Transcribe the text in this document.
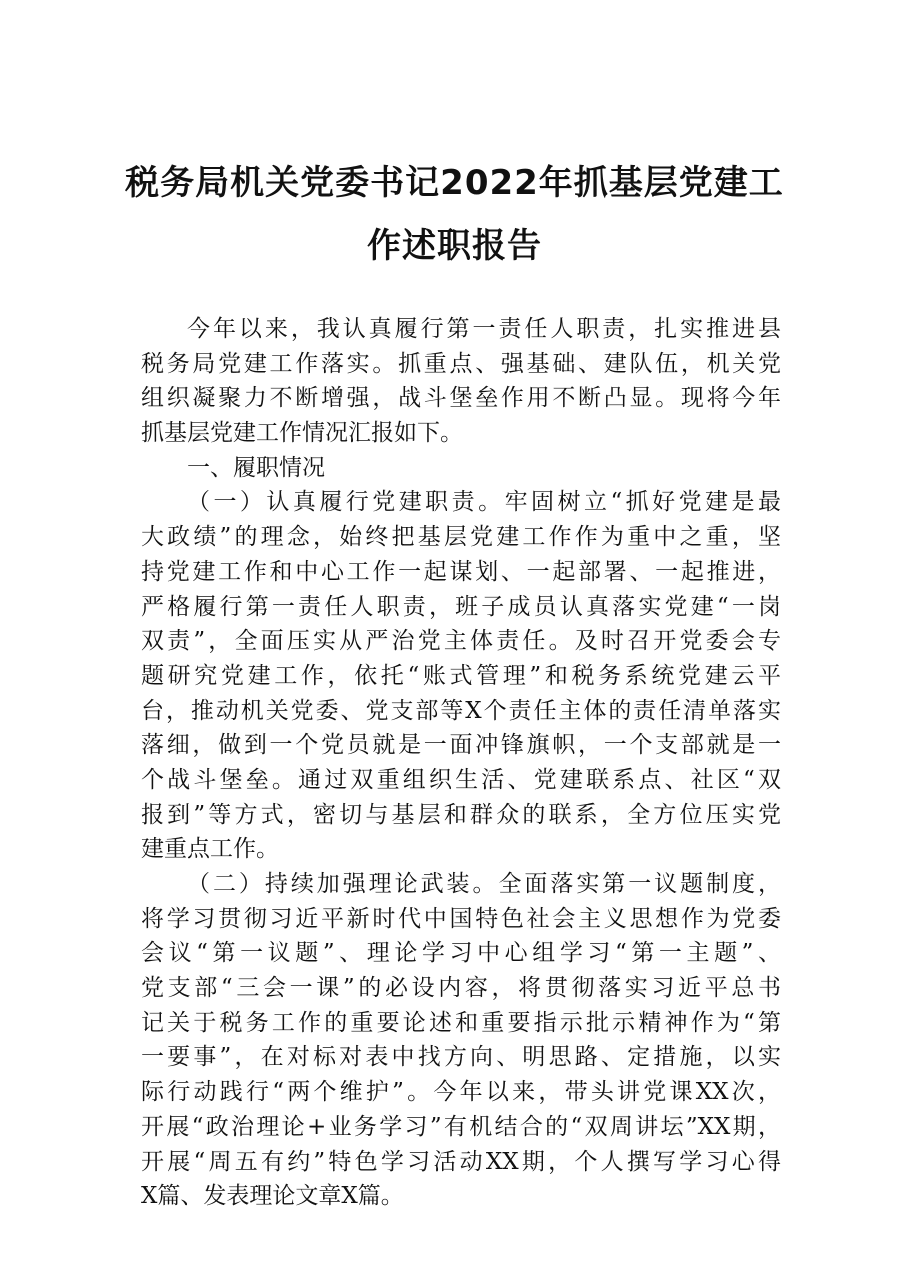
税务局机关党委书记2022年抓基层党建工
作述职报告
今年以来，我认真履行第一责任人职责，扎实推进县
税务局党建工作落实。抓重点、强基础、建队伍，机关党
组织凝聚力不断增强，战斗堡垒作用不断凸显。现将今年
抓基层党建工作情况汇报如下。
一、履职情况
（一）认真履行党建职责。牢固树立“抓好党建是最
大政绩”的理念，始终把基层党建工作作为重中之重，坚
持党建工作和中心工作一起谋划、一起部署、一起推进，
严格履行第一责任人职责，班子成员认真落实党建“一岗
双责”，全面压实从严治党主体责任。及时召开党委会专
题研究党建工作，依托“账式管理”和税务系统党建云平
台，推动机关党委、党支部等X个责任主体的责任清单落实
落细，做到一个党员就是一面冲锋旗帜，一个支部就是一
个战斗堡垒。通过双重组织生活、党建联系点、社区“双
报到”等方式，密切与基层和群众的联系，全方位压实党
建重点工作。
（二）持续加强理论武装。全面落实第一议题制度，
将学习贯彻习近平新时代中国特色社会主义思想作为党委
会议“第一议题”、理论学习中心组学习“第一主题”、
党支部“三会一课”的必设内容，将贯彻落实习近平总书
记关于税务工作的重要论述和重要指示批示精神作为“第
一要事”，在对标对表中找方向、明思路、定措施，以实
际行动践行“两个维护”。今年以来，带头讲党课XX次，
开展“政治理论+业务学习”有机结合的“双周讲坛”XX期，
开展“周五有约”特色学习活动XX期，个人撰写学习心得
X篇、发表理论文章X篇。
